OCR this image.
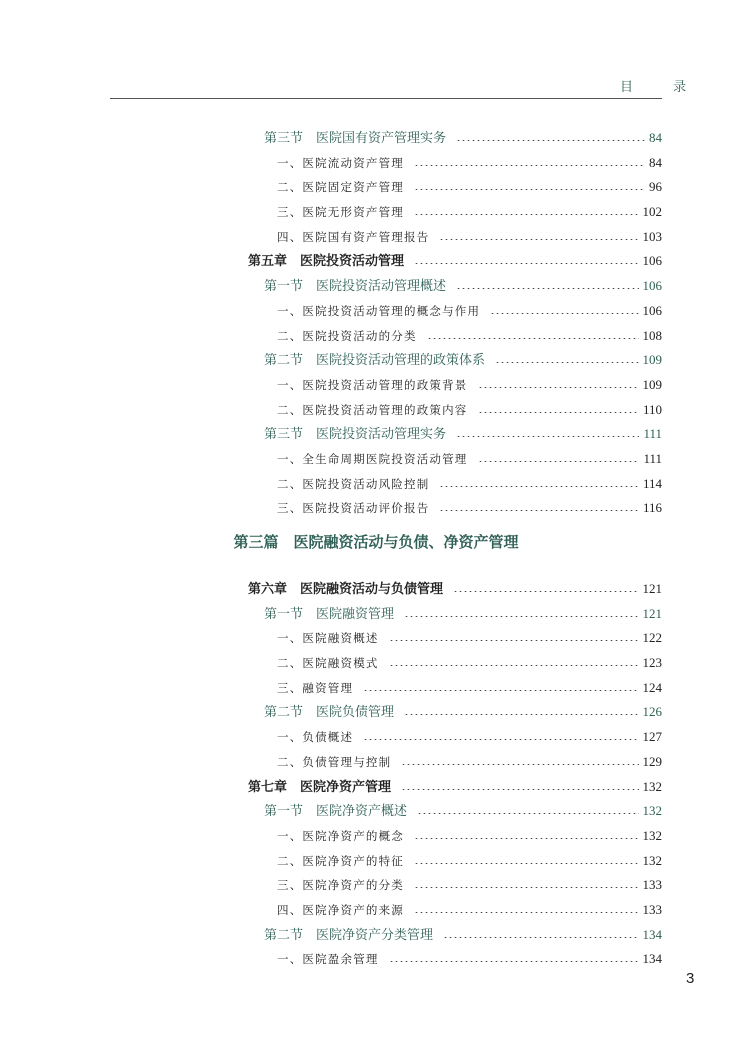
目 录
第三节　医院国有资产管理实务	84
一、医院流动资产管理	84
二、医院固定资产管理	96
三、医院无形资产管理	102
四、医院国有资产管理报告	103
第五章　医院投资活动管理	106
第一节　医院投资活动管理概述	106
一、医院投资活动管理的概念与作用	106
二、医院投资活动的分类	108
第二节　医院投资活动管理的政策体系	109
一、医院投资活动管理的政策背景	109
二、医院投资活动管理的政策内容	110
第三节　医院投资活动管理实务	111
一、全生命周期医院投资活动管理	111
二、医院投资活动风险控制	114
三、医院投资活动评价报告	116
第三篇　医院融资活动与负债、净资产管理
第六章　医院融资活动与负债管理	121
第一节　医院融资管理	121
一、医院融资概述	122
二、医院融资模式	123
三、融资管理	124
第二节　医院负债管理	126
一、负债概述	127
二、负债管理与控制	129
第七章　医院净资产管理	132
第一节　医院净资产概述	132
一、医院净资产的概念	132
二、医院净资产的特征	132
三、医院净资产的分类	133
四、医院净资产的来源	133
第二节　医院净资产分类管理	134
一、医院盈余管理	134
3
